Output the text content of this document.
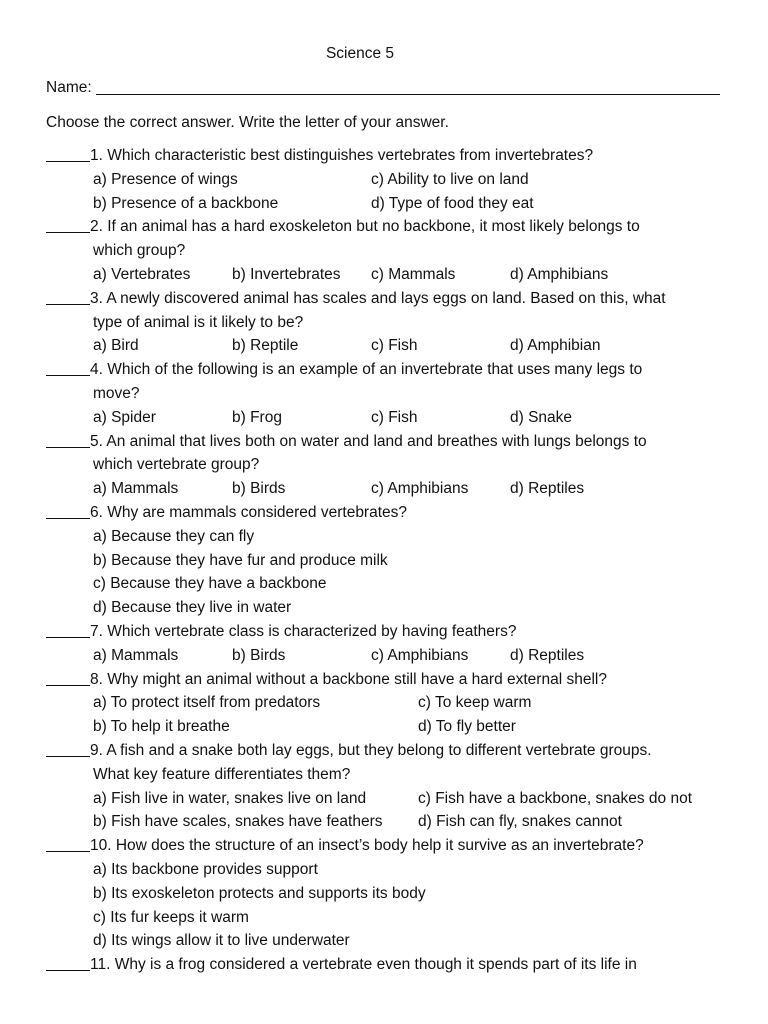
Science 5
Name:
Choose the correct answer. Write the letter of your answer.
1. Which characteristic best distinguishes vertebrates from invertebrates?
a) Presence of wings	c) Ability to live on land
b) Presence of a backbone	d) Type of food they eat
2. If an animal has a hard exoskeleton but no backbone, it most likely belongs to
which group?
a) Vertebrates	b) Invertebrates c) Mammals	d) Amphibians
3. A newly discovered animal has scales and lays eggs on land. Based on this, what
type of animal is it likely to be?
a) Bird	b) Reptile	c) Fish	d) Amphibian
4. Which of the following is an example of an invertebrate that uses many legs to
move?
a) Spider	b) Frog	c) Fish	d) Snake
5. An animal that lives both on water and land and breathes with lungs belongs to
which vertebrate group?
a) Mammals	b) Birds	c) Amphibians	d) Reptiles
6. Why are mammals considered vertebrates?
a) Because they can fly
b) Because they have fur and produce milk
c) Because they have a backbone
d) Because they live in water
7. Which vertebrate class is characterized by having feathers?
a) Mammals	b) Birds	c) Amphibians	d) Reptiles
8. Why might an animal without a backbone still have a hard external shell?
a) To protect itself from predators	c) To keep warm
b) To help it breathe	d) To fly better
9. A fish and a snake both lay eggs, but they belong to different vertebrate groups.
What key feature differentiates them?
a) Fish live in water, snakes live on land	c) Fish have a backbone, snakes do not
b) Fish have scales, snakes have feathers d) Fish can fly, snakes cannot
10. How does the structure of an insect’s body help it survive as an invertebrate?
a) Its backbone provides support
b) Its exoskeleton protects and supports its body
c) Its fur keeps it warm
d) Its wings allow it to live underwater
11. Why is a frog considered a vertebrate even though it spends part of its life in
